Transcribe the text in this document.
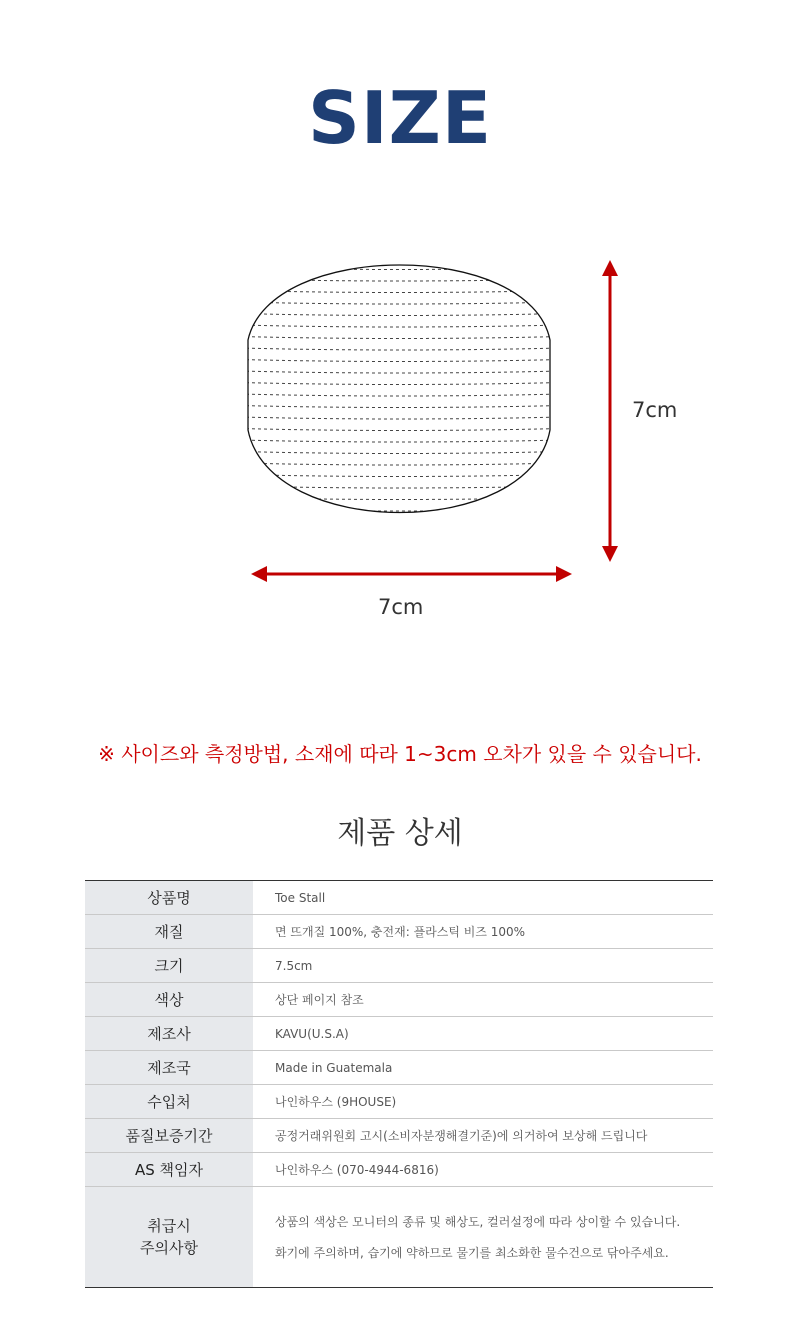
SIZE
7cm
7cm
※ 사이즈와 측정방법, 소재에 따라 1~3cm 오차가 있을 수 있습니다.
제품 상세
상품명	Toe Stall
재질	면 뜨개질 100%, 충전재: 플라스틱 비즈 100%
크기	7.5cm
색상	상단 페이지 참조
제조사	KAVU(U.S.A)
제조국	Made in Guatemala
수입처	나인하우스 (9HOUSE)
품질보증기간	공정거래위원회 고시(소비자분쟁해결기준)에 의거하여 보상해 드립니다
AS 책임자	나인하우스 (070-4944-6816)

취급시
주의사항	상품의 색상은 모니터의 종류 및 해상도, 컬러설정에 따라 상이할 수 있습니다.
화기에 주의하며, 습기에 약하므로 물기를 최소화한 물수건으로 닦아주세요.
